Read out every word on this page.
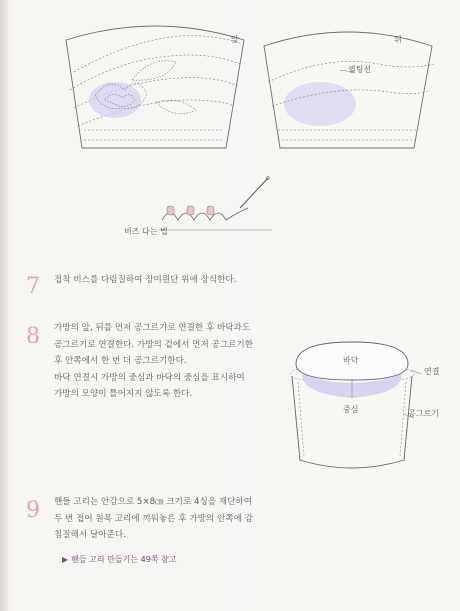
앞	뒤
퀼팅선
비즈 다는 법
7 접착 비스를 다림질하여 장미원단 위에 장식한다.
8 가방의 앞, 뒤를 먼저 공그르기로 연결한 후 바닥과도
공그르기로 연결한다. 가방의 겉에서 먼저 공그르기한
후 안쪽에서 한 번 더 공그르기한다.
바닥 연결시 가방의 중심과 바닥의 중심을 표시하여
가방의 모양이 틀어지지 않도록 한다.
바닥
중심
연결
공그르기
9 핸들 고리는 안감으로 5×8㎝ 크기로 4싱을 재단하여
두 번 접어 원목 고리에 끼워놓은 후 가방의 안쪽에 감
침질해서 달아준다.
▶ 핸들 고리 만들기는 49쪽 참고
